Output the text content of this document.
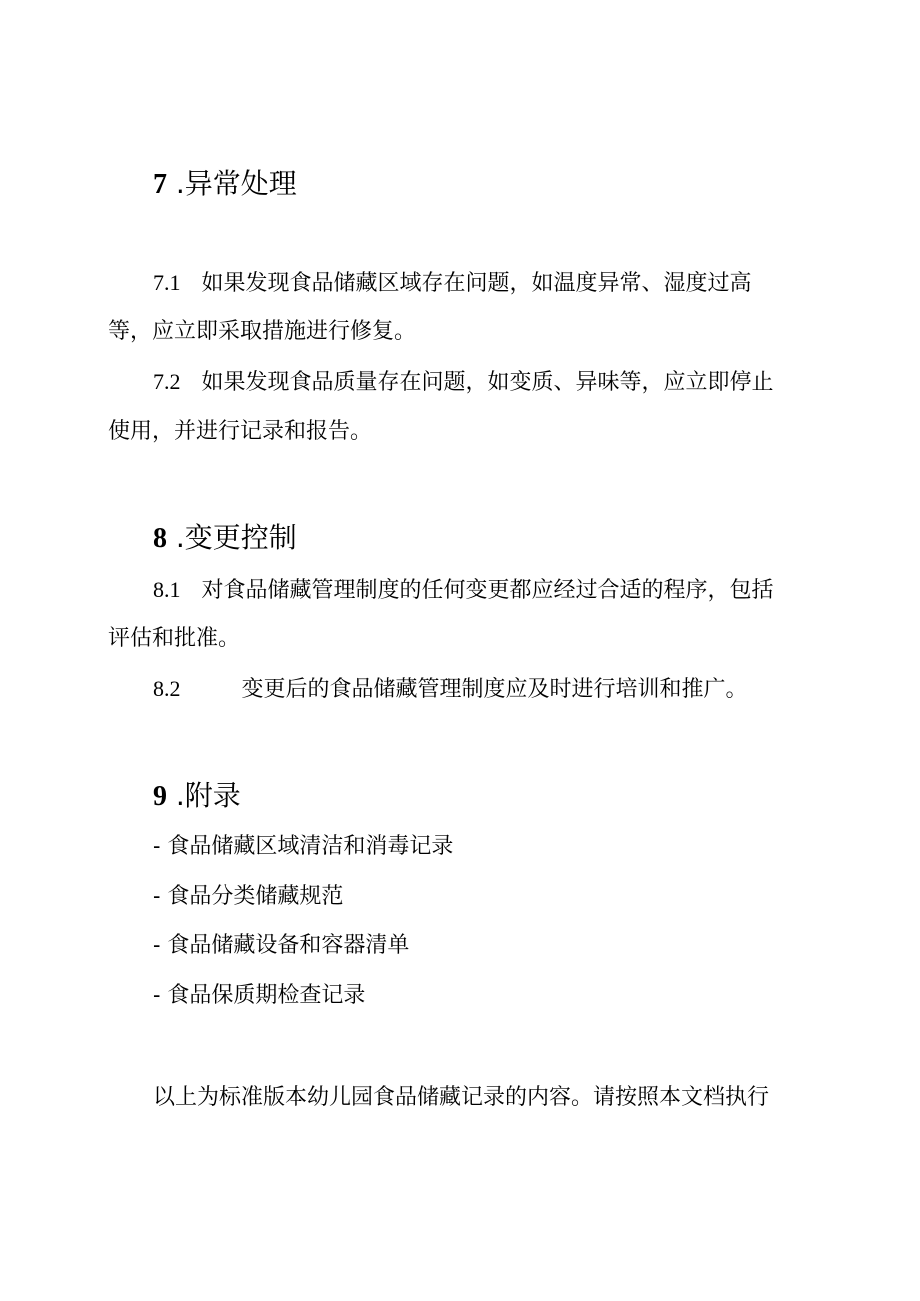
7 .异常处理
7.1 如果发现食品储藏区域存在问题，如温度异常、湿度过高
等，应立即采取措施进行修复。
7.2 如果发现食品质量存在问题，如变质、异味等，应立即停止
使用，并进行记录和报告。
8 .变更控制
8.1 对食品储藏管理制度的任何变更都应经过合适的程序，包括
评估和批准。
8.2	变更后的食品储藏管理制度应及时进行培训和推广。
9 .附录
- 食品储藏区域清洁和消毒记录
- 食品分类储藏规范
- 食品储藏设备和容器清单
- 食品保质期检查记录
以上为标准版本幼儿园食品储藏记录的内容。请按照本文档执行
